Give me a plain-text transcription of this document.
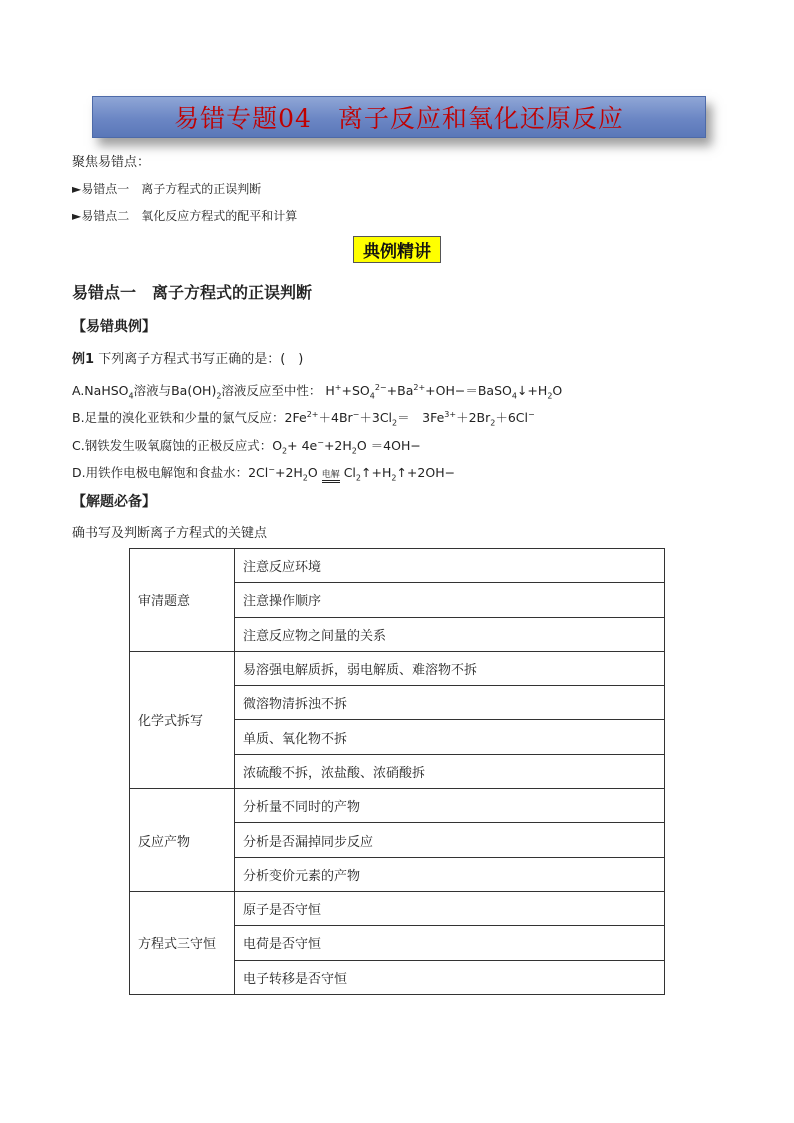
易错专题04　离子反应和氧化还原反应
聚焦易错点：
►易错点一　离子方程式的正误判断
►易错点二　氧化反应方程式的配平和计算
典例精讲
易错点一　离子方程式的正误判断
【易错典例】
例1 下列离子方程式书写正确的是：(　)
A.NaHSO$_4$溶液与$Ba(OH)_2$溶液反应至中性： $H^++SO_4^{2-}+Ba^{2+}+OH-=BaSO_4↓+H_2O$
B.足量的溴化亚铁和少量的氯气反应：$2Fe^{2+}+4Br^-+3Cl_2=$　$3Fe^{3+}+2Br_2+6Cl^-$
C.钢铁发生吸氧腐蚀的正极反应式：$O_2+ 4e^-+2H_2O =4OH-$
D.用铁作电极电解饱和食盐水：$2Cl^-+2H_2O$ 电解 $Cl_2↑+H_2↑+2OH-$
【解题必备】
确书写及判断离子方程式的关键点
审清题意	注意反应环境
	注意操作顺序
	注意反应物之间量的关系
化学式拆写	易溶强电解质拆，弱电解质、难溶物不拆
	微溶物清拆浊不拆
	单质、氧化物不拆
	浓硫酸不拆，浓盐酸、浓硝酸拆
反应产物	分析量不同时的产物
	分析是否漏掉同步反应
	分析变价元素的产物
方程式三守恒	原子是否守恒
	电荷是否守恒
	电子转移是否守恒
